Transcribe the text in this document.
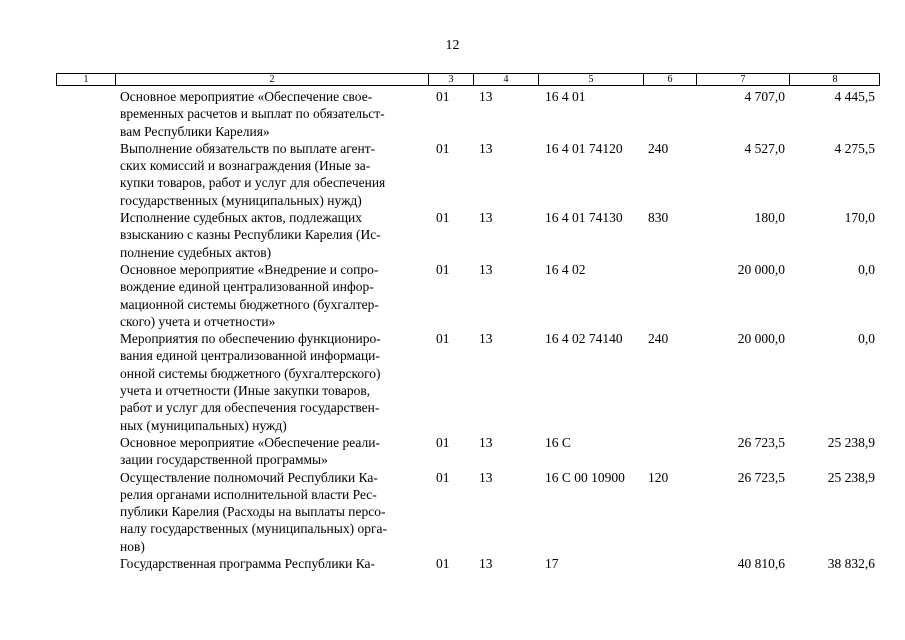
12
1	2	3	4	5	6	7	8
Основное мероприятие «Обеспечение свое-
временных расчетов и выплат по обязательст-
вам Республики Карелия»
01 13	16 4 01	4 707,0	4 445,5
Выполнение обязательств по выплате агент-
ских комиссий и вознаграждения (Иные за-
купки товаров, работ и услуг для обеспечения
государственных (муниципальных) нужд)
01 13	16 4 01 74120 240	4 527,0	4 275,5
Исполнение судебных актов, подлежащих
взысканию с казны Республики Карелия (Ис-
полнение судебных актов)
01 13	16 4 01 74130 830	180,0	170,0
Основное мероприятие «Внедрение и сопро-
вождение единой централизованной инфор-
мационной системы бюджетного (бухгалтер-
ского) учета и отчетности»
01 13	16 4 02	20 000,0	0,0
Мероприятия по обеспечению функциониро-
вания единой централизованной информаци-
онной системы бюджетного (бухгалтерского)
учета и отчетности (Иные закупки товаров,
работ и услуг для обеспечения государствен-
ных (муниципальных) нужд)
01 13	16 4 02 74140 240	20 000,0	0,0
Основное мероприятие «Обеспечение реали-
зации государственной программы»
01 13	16 С	26 723,5	25 238,9
Осуществление полномочий Республики Ка-
релия органами исполнительной власти Рес-
публики Карелия (Расходы на выплаты персо-
налу государственных (муниципальных) орга-
нов)
01 13	16 С 00 10900 120	26 723,5	25 238,9
Государственная программа Республики Ка-	01 13	17	40 810,6	38 832,6
